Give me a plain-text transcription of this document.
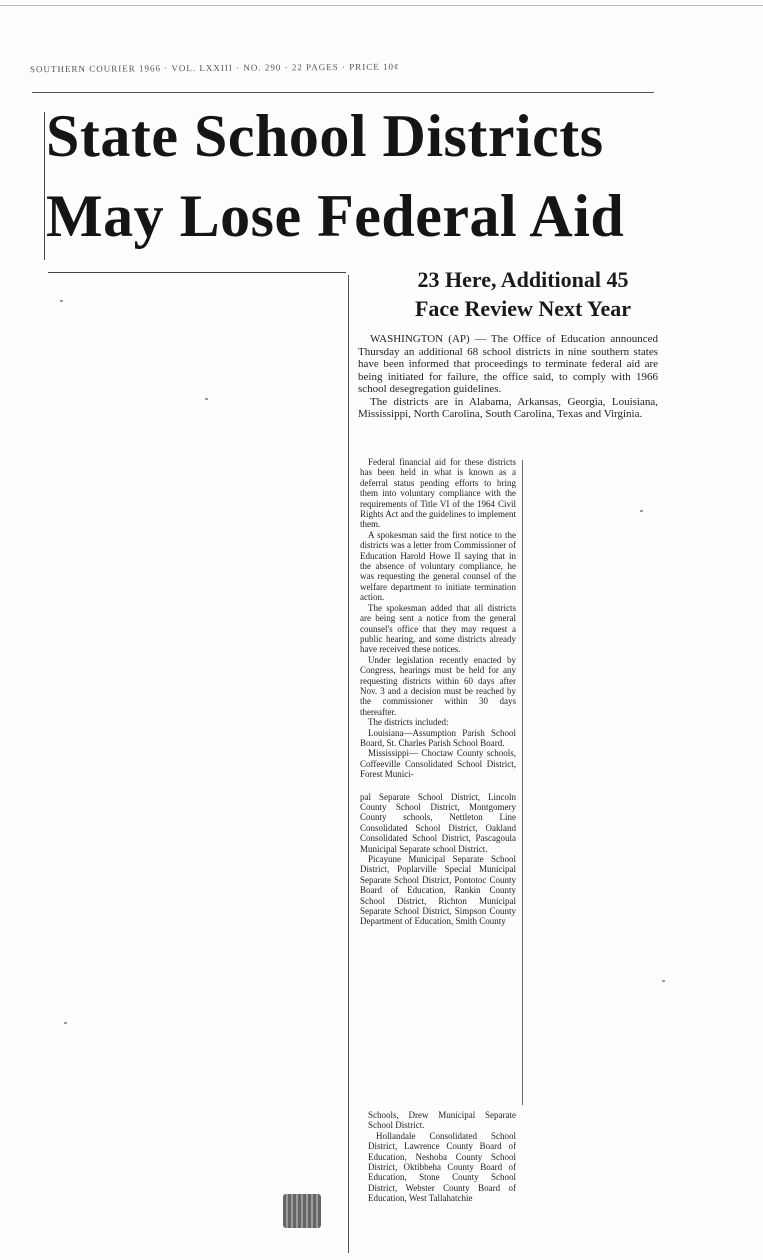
SOUTHERN COURIER 1966 · VOL. LXXIII · NO. 290 · 22 PAGES · PRICE 10¢
State School Districts
May Lose Federal Aid
23 Here, Additional 45
Face Review Next Year

WASHINGTON (AP) — The Office of Education announced Thursday an additional 68 school districts in nine southern states have been informed that proceedings to terminate federal aid are being initiated for failure, the office said, to comply with 1966 school desegregation guidelines.

The districts are in Alabama, Arkansas, Georgia, Louisiana, Mississippi, North Carolina, South Carolina, Texas and Virginia.

Federal financial aid for these districts has been held in what is known as a deferral status pending efforts to bring them into voluntary compliance with the requirements of Title VI of the 1964 Civil Rights Act and the guidelines to implement them.

A spokesman said the first notice to the districts was a letter from Commissioner of Education Harold Howe II saying that in the absence of voluntary compliance, he was requesting the general counsel of the welfare department to initiate termination action.

The spokesman added that all districts are being sent a notice from the general counsel's office that they may request a public hearing, and some districts already have received these notices.

Under legislation recently enacted by Congress, hearings must be held for any requesting districts within 60 days after Nov. 3 and a decision must be reached by the commissioner within 30 days thereafter.

The districts included:

Louisiana—Assumption Parish School Board, St. Charles Parish School Board.

Mississippi— Choctaw County schools, Coffeeville Consolidated School District, Forest Munici-

pal Separate School District, Lincoln County School District, Montgomery County schools, Nettleton Line Consolidated School District, Oakland Consolidated School District, Pascagoula Municipal Separate school District.

Picayune Municipal Separate School District, Poplarville Special Municipal Separate School District, Pontotoc County Board of Education, Rankin County School District, Richton Municipal Separate School District, Simpson County Department of Education, Smith County

Schools, Drew Municipal Separate School District.

Hollandale Consolidated School District, Lawrence County Board of Education, Neshoba County School District, Oktibbeha County Board of Education, Stone County School District, Webster County Board of Education, West Tallahatchie
